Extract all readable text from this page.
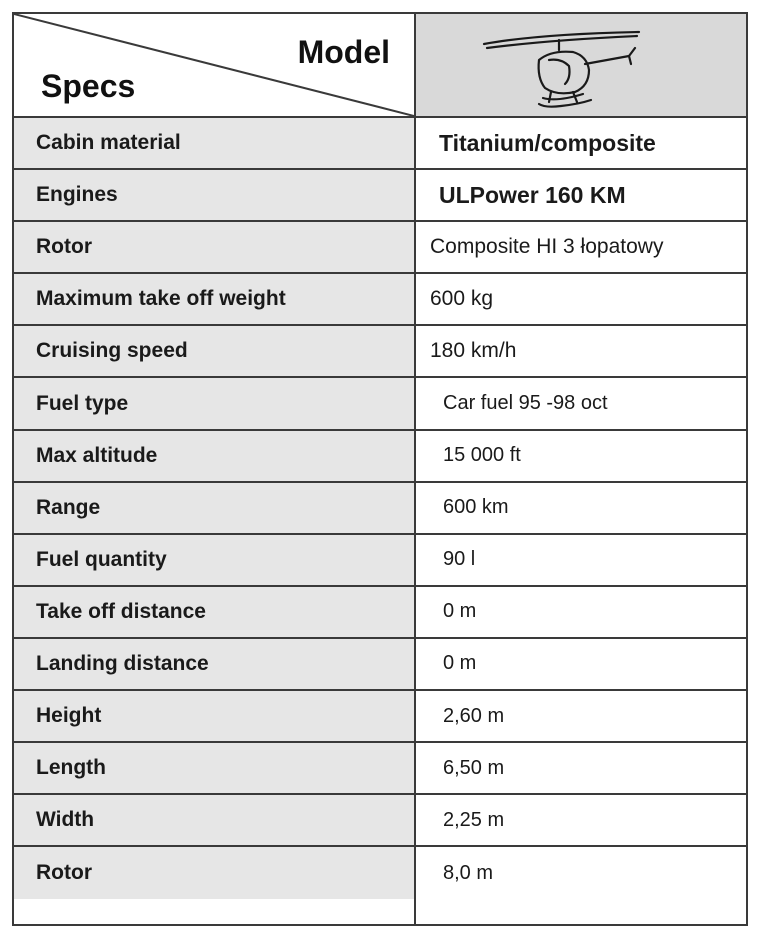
Model
Specs
Cabin material	Titanium/composite
Engines	ULPower 160 KM
Rotor	Composite HI 3 łopatowy
Maximum take off weight	600 kg
Cruising speed	180 km/h
Fuel type	Car fuel 95 -98 oct
Max altitude	15 000 ft
Range	600 km
Fuel quantity	90 l
Take off distance	0 m
Landing distance	0 m
Height	2,60 m
Length	6,50 m
Width	2,25 m
Rotor	8,0 m
